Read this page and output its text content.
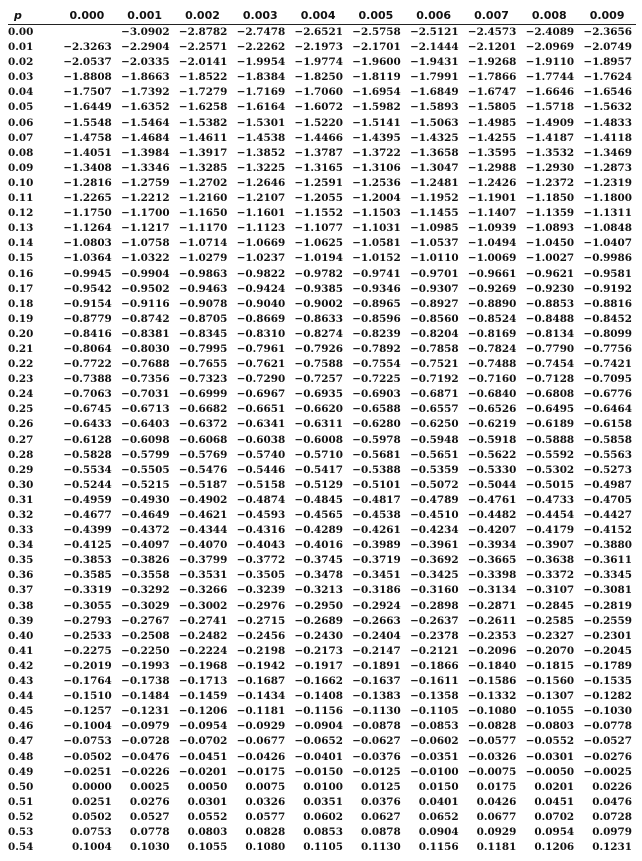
p	0.000	0.001	0.002	0.003	0.004	0.005	0.006	0.007	0.008	0.009
0.00		−3.0902	−2.8782	−2.7478	−2.6521	−2.5758	−2.5121	−2.4573	−2.4089	−2.3656
0.01	−2.3263	−2.2904	−2.2571	−2.2262	−2.1973	−2.1701	−2.1444	−2.1201	−2.0969	−2.0749
0.02	−2.0537	−2.0335	−2.0141	−1.9954	−1.9774	−1.9600	−1.9431	−1.9268	−1.9110	−1.8957
0.03	−1.8808	−1.8663	−1.8522	−1.8384	−1.8250	−1.8119	−1.7991	−1.7866	−1.7744	−1.7624
0.04	−1.7507	−1.7392	−1.7279	−1.7169	−1.7060	−1.6954	−1.6849	−1.6747	−1.6646	−1.6546
0.05	−1.6449	−1.6352	−1.6258	−1.6164	−1.6072	−1.5982	−1.5893	−1.5805	−1.5718	−1.5632
0.06	−1.5548	−1.5464	−1.5382	−1.5301	−1.5220	−1.5141	−1.5063	−1.4985	−1.4909	−1.4833
0.07	−1.4758	−1.4684	−1.4611	−1.4538	−1.4466	−1.4395	−1.4325	−1.4255	−1.4187	−1.4118
0.08	−1.4051	−1.3984	−1.3917	−1.3852	−1.3787	−1.3722	−1.3658	−1.3595	−1.3532	−1.3469
0.09	−1.3408	−1.3346	−1.3285	−1.3225	−1.3165	−1.3106	−1.3047	−1.2988	−1.2930	−1.2873
0.10	−1.2816	−1.2759	−1.2702	−1.2646	−1.2591	−1.2536	−1.2481	−1.2426	−1.2372	−1.2319
0.11	−1.2265	−1.2212	−1.2160	−1.2107	−1.2055	−1.2004	−1.1952	−1.1901	−1.1850	−1.1800
0.12	−1.1750	−1.1700	−1.1650	−1.1601	−1.1552	−1.1503	−1.1455	−1.1407	−1.1359	−1.1311
0.13	−1.1264	−1.1217	−1.1170	−1.1123	−1.1077	−1.1031	−1.0985	−1.0939	−1.0893	−1.0848
0.14	−1.0803	−1.0758	−1.0714	−1.0669	−1.0625	−1.0581	−1.0537	−1.0494	−1.0450	−1.0407
0.15	−1.0364	−1.0322	−1.0279	−1.0237	−1.0194	−1.0152	−1.0110	−1.0069	−1.0027	−0.9986
0.16	−0.9945	−0.9904	−0.9863	−0.9822	−0.9782	−0.9741	−0.9701	−0.9661	−0.9621	−0.9581
0.17	−0.9542	−0.9502	−0.9463	−0.9424	−0.9385	−0.9346	−0.9307	−0.9269	−0.9230	−0.9192
0.18	−0.9154	−0.9116	−0.9078	−0.9040	−0.9002	−0.8965	−0.8927	−0.8890	−0.8853	−0.8816
0.19	−0.8779	−0.8742	−0.8705	−0.8669	−0.8633	−0.8596	−0.8560	−0.8524	−0.8488	−0.8452
0.20	−0.8416	−0.8381	−0.8345	−0.8310	−0.8274	−0.8239	−0.8204	−0.8169	−0.8134	−0.8099
0.21	−0.8064	−0.8030	−0.7995	−0.7961	−0.7926	−0.7892	−0.7858	−0.7824	−0.7790	−0.7756
0.22	−0.7722	−0.7688	−0.7655	−0.7621	−0.7588	−0.7554	−0.7521	−0.7488	−0.7454	−0.7421
0.23	−0.7388	−0.7356	−0.7323	−0.7290	−0.7257	−0.7225	−0.7192	−0.7160	−0.7128	−0.7095
0.24	−0.7063	−0.7031	−0.6999	−0.6967	−0.6935	−0.6903	−0.6871	−0.6840	−0.6808	−0.6776
0.25	−0.6745	−0.6713	−0.6682	−0.6651	−0.6620	−0.6588	−0.6557	−0.6526	−0.6495	−0.6464
0.26	−0.6433	−0.6403	−0.6372	−0.6341	−0.6311	−0.6280	−0.6250	−0.6219	−0.6189	−0.6158
0.27	−0.6128	−0.6098	−0.6068	−0.6038	−0.6008	−0.5978	−0.5948	−0.5918	−0.5888	−0.5858
0.28	−0.5828	−0.5799	−0.5769	−0.5740	−0.5710	−0.5681	−0.5651	−0.5622	−0.5592	−0.5563
0.29	−0.5534	−0.5505	−0.5476	−0.5446	−0.5417	−0.5388	−0.5359	−0.5330	−0.5302	−0.5273
0.30	−0.5244	−0.5215	−0.5187	−0.5158	−0.5129	−0.5101	−0.5072	−0.5044	−0.5015	−0.4987
0.31	−0.4959	−0.4930	−0.4902	−0.4874	−0.4845	−0.4817	−0.4789	−0.4761	−0.4733	−0.4705
0.32	−0.4677	−0.4649	−0.4621	−0.4593	−0.4565	−0.4538	−0.4510	−0.4482	−0.4454	−0.4427
0.33	−0.4399	−0.4372	−0.4344	−0.4316	−0.4289	−0.4261	−0.4234	−0.4207	−0.4179	−0.4152
0.34	−0.4125	−0.4097	−0.4070	−0.4043	−0.4016	−0.3989	−0.3961	−0.3934	−0.3907	−0.3880
0.35	−0.3853	−0.3826	−0.3799	−0.3772	−0.3745	−0.3719	−0.3692	−0.3665	−0.3638	−0.3611
0.36	−0.3585	−0.3558	−0.3531	−0.3505	−0.3478	−0.3451	−0.3425	−0.3398	−0.3372	−0.3345
0.37	−0.3319	−0.3292	−0.3266	−0.3239	−0.3213	−0.3186	−0.3160	−0.3134	−0.3107	−0.3081
0.38	−0.3055	−0.3029	−0.3002	−0.2976	−0.2950	−0.2924	−0.2898	−0.2871	−0.2845	−0.2819
0.39	−0.2793	−0.2767	−0.2741	−0.2715	−0.2689	−0.2663	−0.2637	−0.2611	−0.2585	−0.2559
0.40	−0.2533	−0.2508	−0.2482	−0.2456	−0.2430	−0.2404	−0.2378	−0.2353	−0.2327	−0.2301
0.41	−0.2275	−0.2250	−0.2224	−0.2198	−0.2173	−0.2147	−0.2121	−0.2096	−0.2070	−0.2045
0.42	−0.2019	−0.1993	−0.1968	−0.1942	−0.1917	−0.1891	−0.1866	−0.1840	−0.1815	−0.1789
0.43	−0.1764	−0.1738	−0.1713	−0.1687	−0.1662	−0.1637	−0.1611	−0.1586	−0.1560	−0.1535
0.44	−0.1510	−0.1484	−0.1459	−0.1434	−0.1408	−0.1383	−0.1358	−0.1332	−0.1307	−0.1282
0.45	−0.1257	−0.1231	−0.1206	−0.1181	−0.1156	−0.1130	−0.1105	−0.1080	−0.1055	−0.1030
0.46	−0.1004	−0.0979	−0.0954	−0.0929	−0.0904	−0.0878	−0.0853	−0.0828	−0.0803	−0.0778
0.47	−0.0753	−0.0728	−0.0702	−0.0677	−0.0652	−0.0627	−0.0602	−0.0577	−0.0552	−0.0527
0.48	−0.0502	−0.0476	−0.0451	−0.0426	−0.0401	−0.0376	−0.0351	−0.0326	−0.0301	−0.0276
0.49	−0.0251	−0.0226	−0.0201	−0.0175	−0.0150	−0.0125	−0.0100	−0.0075	−0.0050	−0.0025
0.50	0.0000	0.0025	0.0050	0.0075	0.0100	0.0125	0.0150	0.0175	0.0201	0.0226
0.51	0.0251	0.0276	0.0301	0.0326	0.0351	0.0376	0.0401	0.0426	0.0451	0.0476
0.52	0.0502	0.0527	0.0552	0.0577	0.0602	0.0627	0.0652	0.0677	0.0702	0.0728
0.53	0.0753	0.0778	0.0803	0.0828	0.0853	0.0878	0.0904	0.0929	0.0954	0.0979
0.54	0.1004	0.1030	0.1055	0.1080	0.1105	0.1130	0.1156	0.1181	0.1206	0.1231
